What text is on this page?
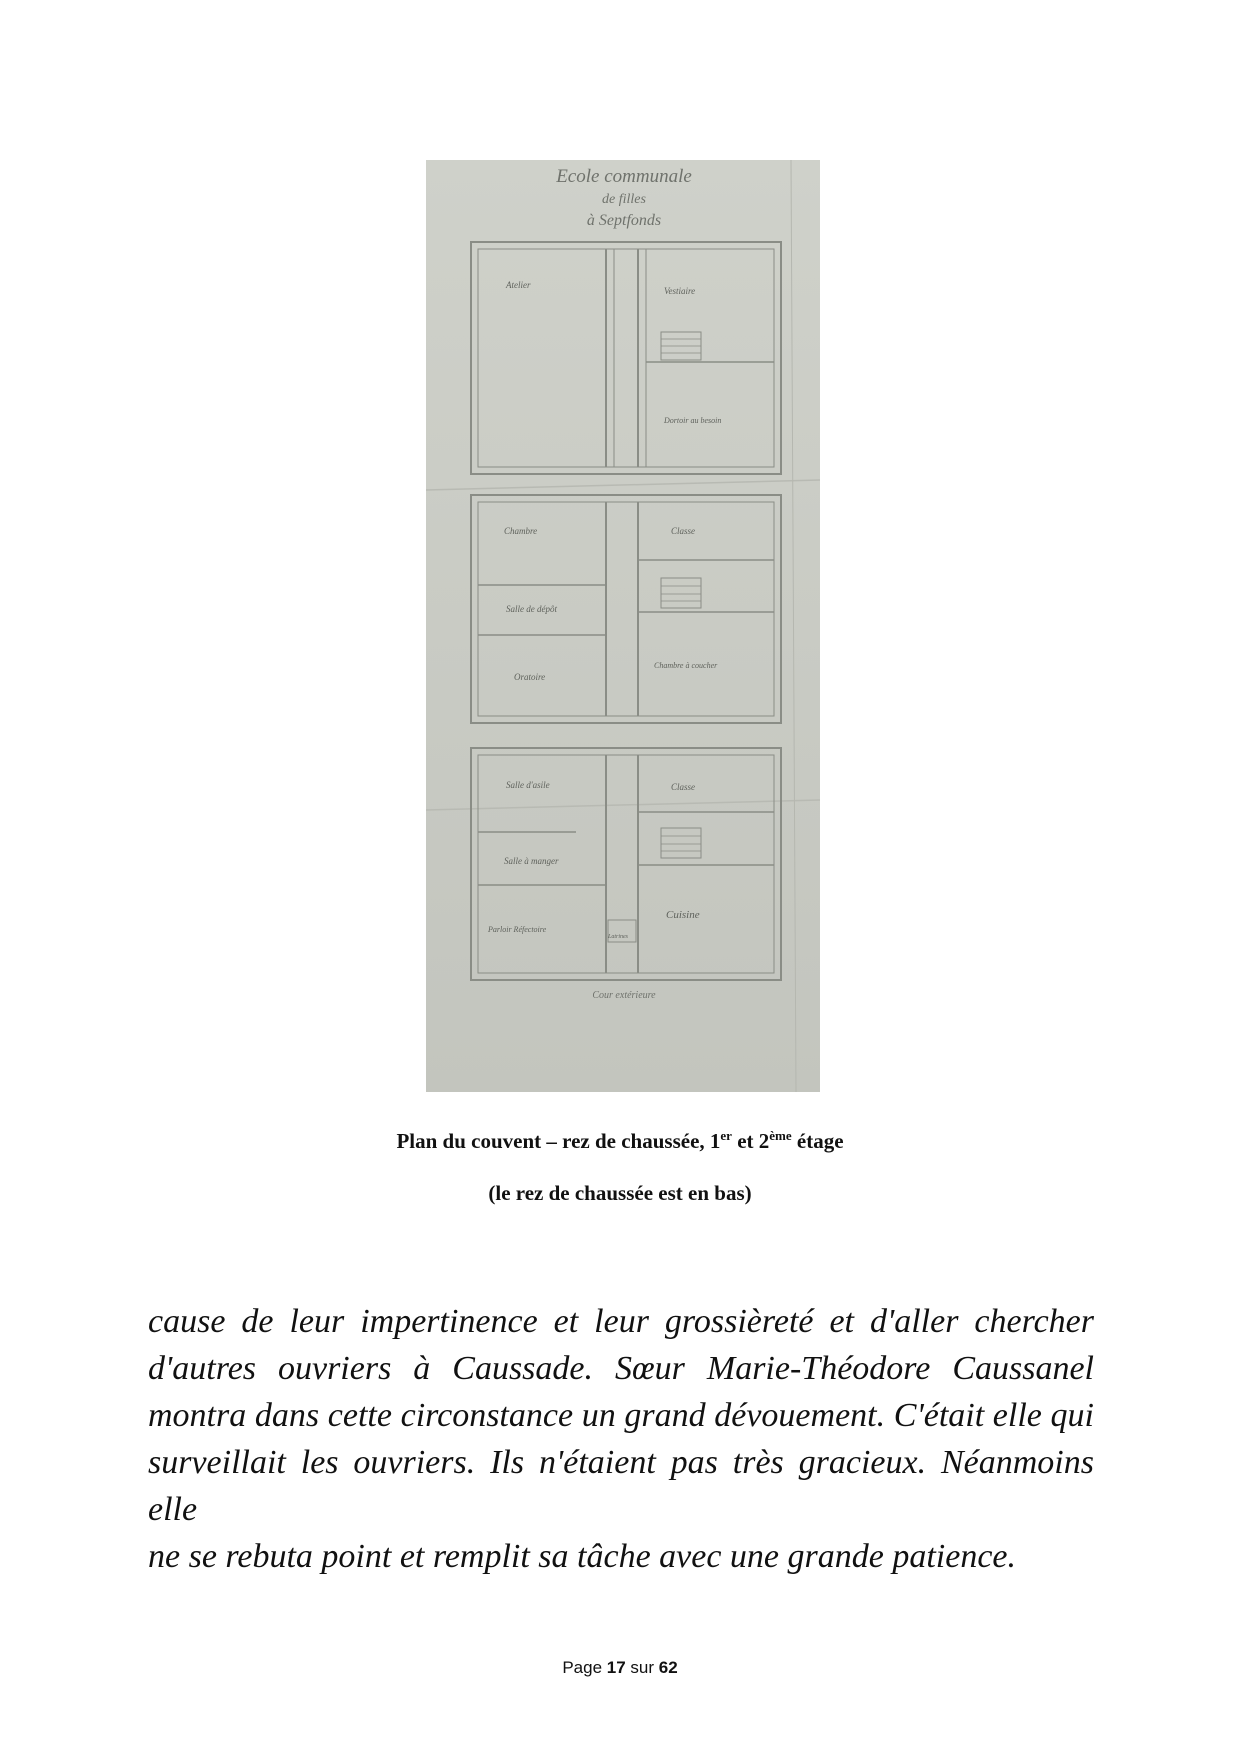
Ecole communale
de filles
à Septfonds
Atelier
Vestiaire
Dortoir au besoin
Chambre	Classe
Salle de dépôt
Chambre à coucher
Oratoire
Salle d'asile	Classe
Salle à manger
Cuisine
Parloir Réfectoire
Latrines
Cour extérieure
Plan du couvent – rez de chaussée, 1er et 2ème étage
(le rez de chaussée est en bas)
cause de leur impertinence et leur grossièreté et d'aller chercher
d'autres ouvriers à Caussade. Sœur Marie-Théodore Caussanel
montra dans cette circonstance un grand dévouement. C'était elle qui
surveillait les ouvriers. Ils n'étaient pas très gracieux. Néanmoins elle
ne se rebuta point et remplit sa tâche avec une grande patience.
Page 17 sur 62
